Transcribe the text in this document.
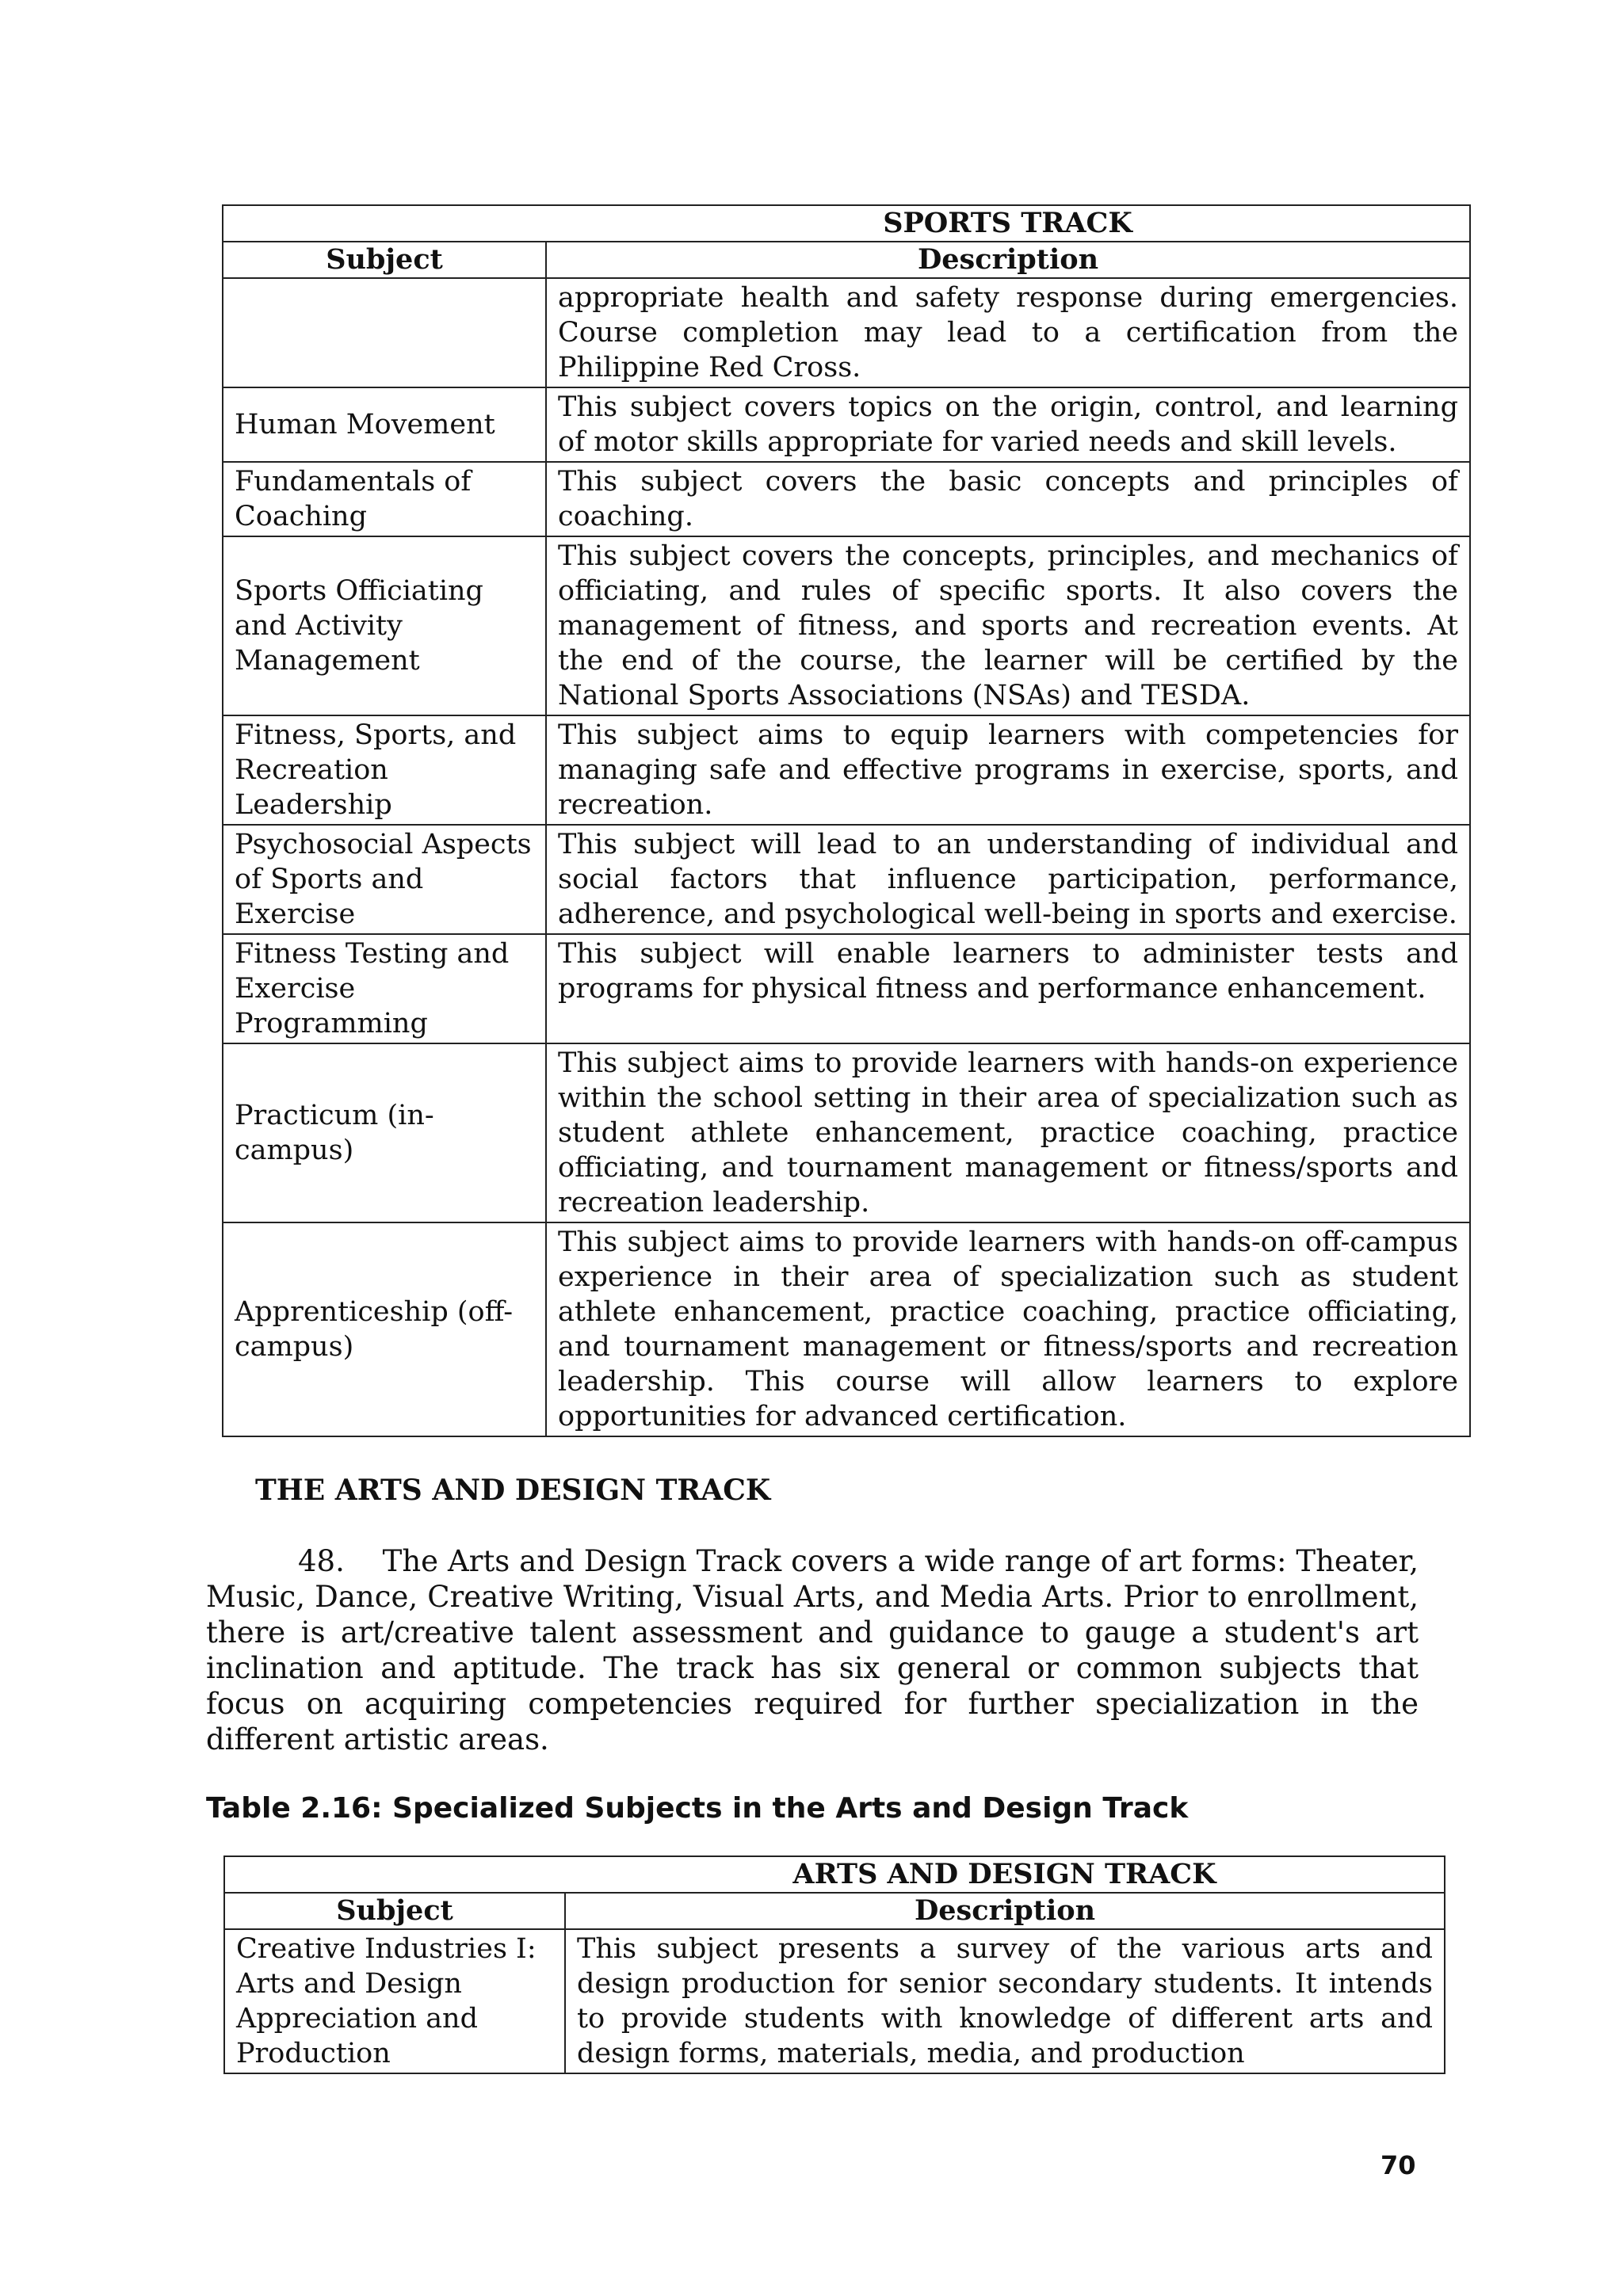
	SPORTS TRACK
Subject	Description
	appropriate health and safety response during emergencies. Course completion may lead to a certification from the Philippine Red Cross.
Human Movement	This subject covers topics on the origin, control, and learning of motor skills appropriate for varied needs and skill levels.
Fundamentals of Coaching	This subject covers the basic concepts and principles of coaching.
Sports Officiating and Activity Management	This subject covers the concepts, principles, and mechanics of officiating, and rules of specific sports. It also covers the management of fitness, and sports and recreation events. At the end of the course, the learner will be certified by the National Sports Associations (NSAs) and TESDA.
Fitness, Sports, and Recreation Leadership	This subject aims to equip learners with competencies for managing safe and effective programs in exercise, sports, and recreation.
Psychosocial Aspects of Sports and Exercise	This subject will lead to an understanding of individual and social factors that influence participation, performance, adherence, and psychological well-being in sports and exercise.
Fitness Testing and Exercise Programming	This subject will enable learners to administer tests and programs for physical fitness and performance enhancement.
Practicum (in-campus)	This subject aims to provide learners with hands-on experience within the school setting in their area of specialization such as student athlete enhancement, practice coaching, practice officiating, and tournament management or fitness/sports and recreation leadership.
Apprenticeship (off-campus)	This subject aims to provide learners with hands-on off-campus experience in their area of specialization such as student athlete enhancement, practice coaching, practice officiating, and tournament management or fitness/sports and recreation leadership. This course will allow learners to explore opportunities for advanced certification.
THE ARTS AND DESIGN TRACK
48. The Arts and Design Track covers a wide range of art forms: Theater, Music, Dance, Creative Writing, Visual Arts, and Media Arts. Prior to enrollment, there is art/creative talent assessment and guidance to gauge a student's art inclination and aptitude. The track has six general or common subjects that focus on acquiring competencies required for further specialization in the different artistic areas.
Table 2.16: Specialized Subjects in the Arts and Design Track
	ARTS AND DESIGN TRACK
Subject	Description
Creative Industries I: Arts and Design Appreciation and Production	This subject presents a survey of the various arts and design production for senior secondary students. It intends to provide students with knowledge of different arts and design forms, materials, media, and production
70
